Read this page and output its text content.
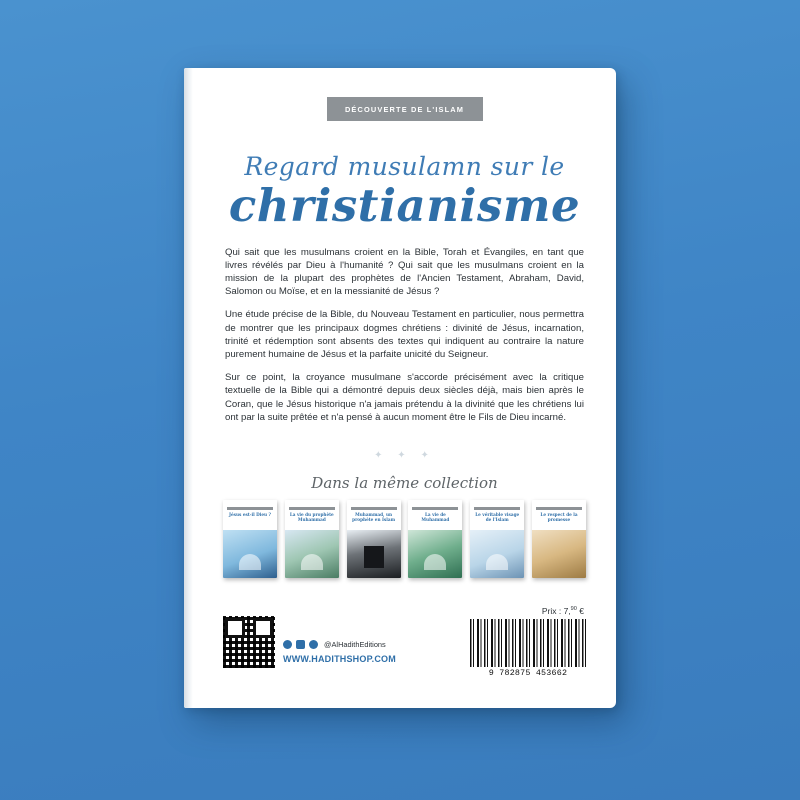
DÉCOUVERTE DE L'ISLAM
Regard musulamn sur le
christianisme

Qui sait que les musulmans croient en la Bible, Torah et Évangiles, en tant que livres révélés par Dieu à l'humanité ? Qui sait que les musulmans croient en la mission de la plupart des prophètes de l'Ancien Testament, Abraham, David, Salomon ou Moïse, et en la messianité de Jésus ?

Une étude précise de la Bible, du Nouveau Testament en particulier, nous permettra de montrer que les principaux dogmes chrétiens : divinité de Jésus, incarnation, trinité et rédemption sont absents des textes qui indiquent au contraire la nature purement humaine de Jésus et la parfaite unicité du Seigneur.

Sur ce point, la croyance musulmane s'accorde précisément avec la critique textuelle de la Bible qui a démontré depuis deux siècles déjà, mais bien après le Coran, que le Jésus historique n'a jamais prétendu à la divinité que les chrétiens lui ont par la suite prêtée et n'a pensé à aucun moment être le Fils de Dieu incarné.

✦ ✦ ✦
Dans la même collection
Jésus est-il Dieu ?	La vie du prophète Muhammad
Muhammad, un prophète en Islam
La vie de Muhammad
Le véritable visage de l'Islam
Le respect de la promesse
Prix : 7,90 €
9 782875 453662
@AlHadithEditions
WWW.HADITHSHOP.COM
